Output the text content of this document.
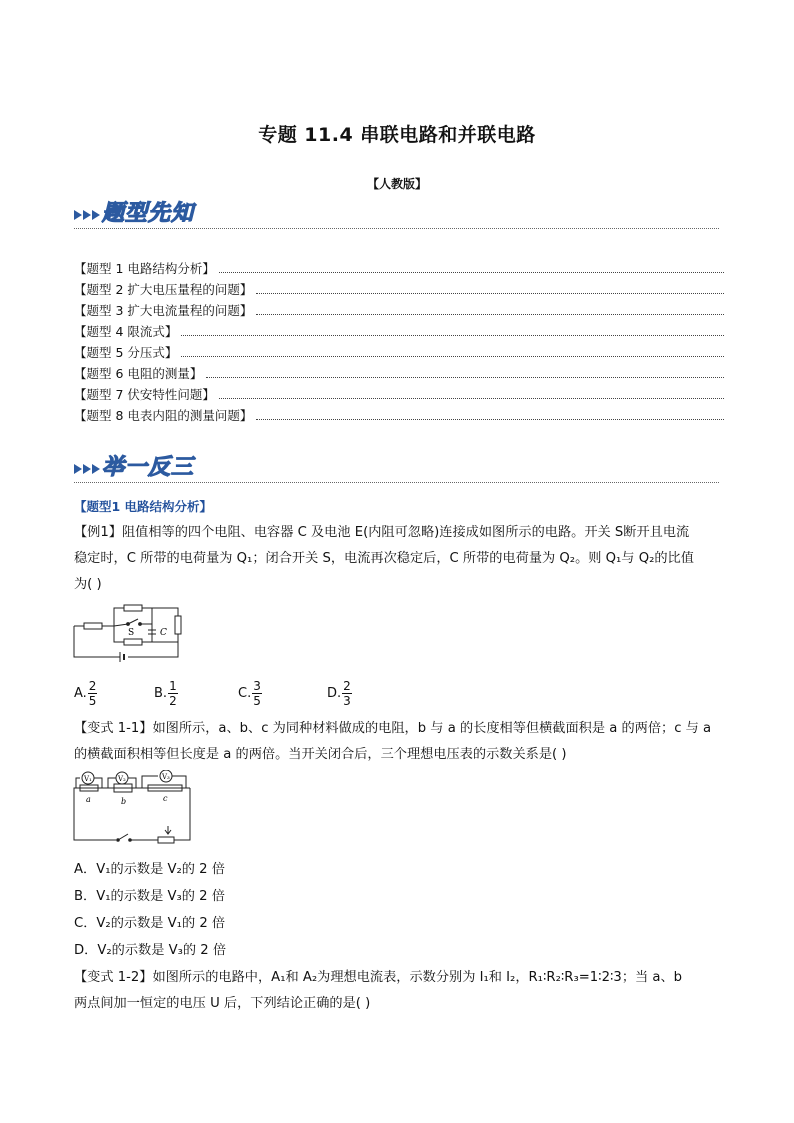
专题 11.4 串联电路和并联电路
【人教版】
题型先知
【题型 1 电路结构分析】
【题型 2 扩大电压量程的问题】
【题型 3 扩大电流量程的问题】
【题型 4 限流式】
【题型 5 分压式】
【题型 6 电阻的测量】
【题型 7 伏安特性问题】
【题型 8 电表内阻的测量问题】
举一反三
【题型1 电路结构分析】
【例1】阻值相等的四个电阻、电容器 C 及电池 E(内阻可忽略)连接成如图所示的电路。开关 S断开且电流
稳定时，C 所带的电荷量为 Q₁；闭合开关 S，电流再次稳定后，C 所带的电荷量为 Q₂。则 Q₁与 Q₂的比值
为( )
S	C
A. $\frac{2}{5}$	B. $\frac{1}{2}$	C. $\frac{3}{5}$	D. $\frac{2}{3}$
【变式 1-1】如图所示，a、b、c 为同种材料做成的电阻，b 与 a 的长度相等但横截面积是 a 的两倍；c 与 a
的横截面积相等但长度是 a 的两倍。当开关闭合后，三个理想电压表的示数关系是( )
V₁	V₂	V₃
a	b	c
A．V₁的示数是 V₂的 2 倍
B．V₁的示数是 V₃的 2 倍
C．V₂的示数是 V₁的 2 倍
D．V₂的示数是 V₃的 2 倍
【变式 1-2】如图所示的电路中，A₁和 A₂为理想电流表，示数分别为 I₁和 I₂，R₁∶R₂∶R₃=1∶2∶3；当 a、b
两点间加一恒定的电压 U 后，下列结论正确的是( )
